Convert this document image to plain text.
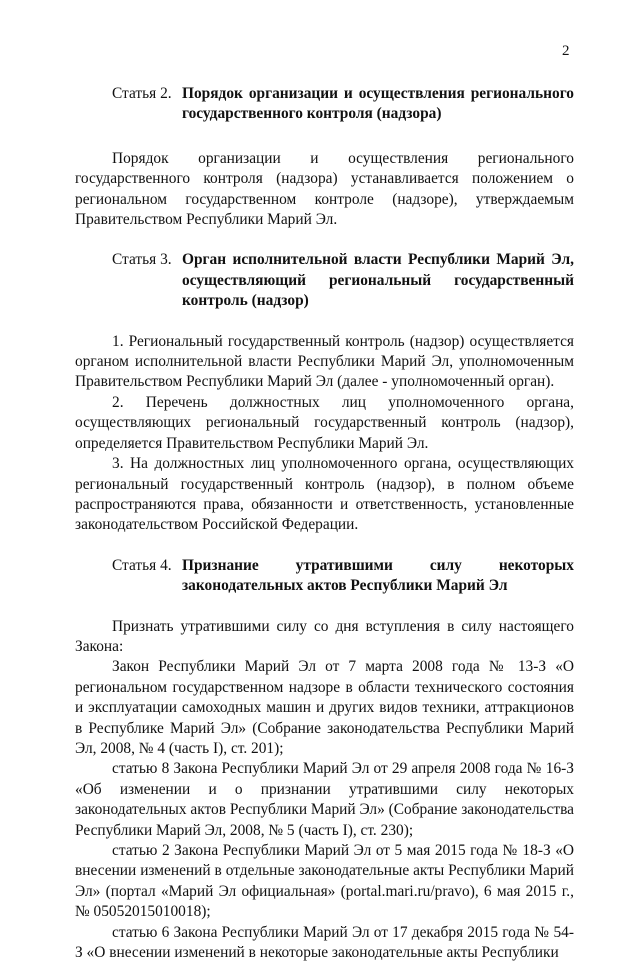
2
Статья 2. Порядок организации и осуществления регионального государственного контроля (надзора)

Порядок организации и осуществления регионального государственного контроля (надзора) устанавливается положением о региональном государственном контроле (надзоре), утверждаемым Правительством Республики Марий Эл.

Статья 3. Орган исполнительной власти Республики Марий Эл, осуществляющий региональный государственный контроль (надзор)

1. Региональный государственный контроль (надзор) осуществляется органом исполнительной власти Республики Марий Эл, уполномоченным Правительством Республики Марий Эл (далее - уполномоченный орган).

2. Перечень должностных лиц уполномоченного органа, осуществляющих региональный государственный контроль (надзор), определяется Правительством Республики Марий Эл.

3. На должностных лиц уполномоченного органа, осуществляющих региональный государственный контроль (надзор), в полном объеме распространяются права, обязанности и ответственность, установленные законодательством Российской Федерации.

Статья 4. Признание утратившими силу некоторых законодательных актов Республики Марий Эл

Признать утратившими силу со дня вступления в силу настоящего Закона:

Закон Республики Марий Эл от 7 марта 2008 года № 13-З «О региональном государственном надзоре в области технического состояния и эксплуатации самоходных машин и других видов техники, аттракционов в Республике Марий Эл» (Собрание законодательства Республики Марий Эл, 2008, № 4 (часть I), ст. 201);

статью 8 Закона Республики Марий Эл от 29 апреля 2008 года № 16-З «Об изменении и о признании утратившими силу некоторых законодательных актов Республики Марий Эл» (Собрание законодательства Республики Марий Эл, 2008, № 5 (часть I), ст. 230);

статью 2 Закона Республики Марий Эл от 5 мая 2015 года № 18-З «О внесении изменений в отдельные законодательные акты Республики Марий Эл» (портал «Марий Эл официальная» (portal.mari.ru/pravo), 6 мая 2015 г., № 05052015010018);

статью 6 Закона Республики Марий Эл от 17 декабря 2015 года № 54-З «О внесении изменений в некоторые законодательные акты Республики
